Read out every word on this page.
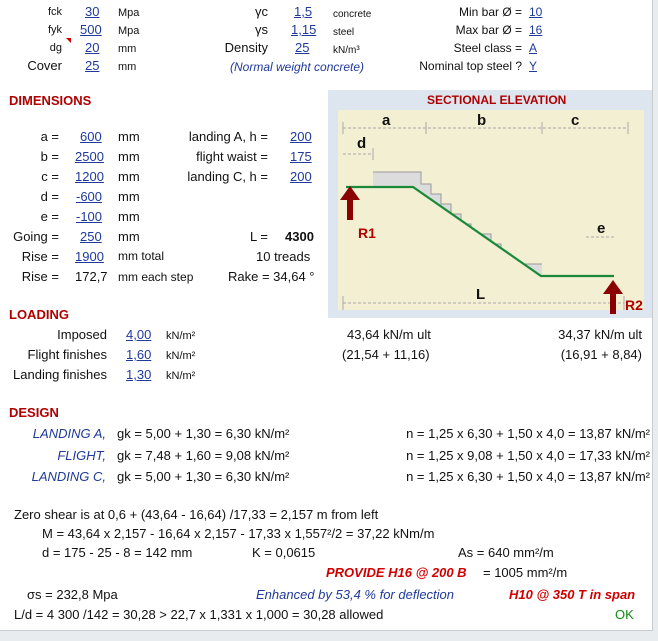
fck 30 Mpa
fyk 500 Mpa
dg 20 mm
Cover 25 mm
γc 1,5 concrete
γs 1,15 steel
Density 25 kN/m³
(Normal weight concrete)
Min bar Ø = 10
Max bar Ø = 16
Steel class = A
Nominal top steel ? Y
DIMENSIONS
a = 600 mm
b = 2500 mm
c = 1200 mm
d = -600 mm
e = -100 mm
Going = 250 mm
Rise = 1900 mm total
Rise = 172,7 mm each step
landing A, h = 200
flight waist = 175
landing C, h = 200
L = 4300
10 treads
Rake = 34,64 °
SECTIONAL ELEVATION
a	b	c
d
e
L
R1
R2
43,64 kN/m ult
(21,54 + 11,16)
34,37 kN/m ult
(16,91 + 8,84)
LOADING
Imposed 4,00 kN/m²
Flight finishes 1,60 kN/m²
Landing finishes 1,30 kN/m²
DESIGN
LANDING A, gk = 5,00 + 1,30 = 6,30 kN/m²	n = 1,25 x 6,30 + 1,50 x 4,0 = 13,87 kN/m²
FLIGHT, gk = 7,48 + 1,60 = 9,08 kN/m²	n = 1,25 x 9,08 + 1,50 x 4,0 = 17,33 kN/m²
LANDING C, gk = 5,00 + 1,30 = 6,30 kN/m²	n = 1,25 x 6,30 + 1,50 x 4,0 = 13,87 kN/m²
Zero shear is at 0,6 + (43,64 - 16,64) /17,33 = 2,157 m from left
M = 43,64 x 2,157 - 16,64 x 2,157 - 17,33 x 1,557²/2 = 37,22 kNm/m
d = 175 - 25 - 8 = 142 mm	K = 0,0615	As = 640 mm²/m
PROVIDE H16 @ 200 B = 1005 mm²/m
σs = 232,8 Mpa	Enhanced by 53,4 % for deflection	H10 @ 350 T in span
L/d = 4 300 /142 = 30,28 > 22,7 x 1,331 x 1,000 = 30,28 allowed	OK
